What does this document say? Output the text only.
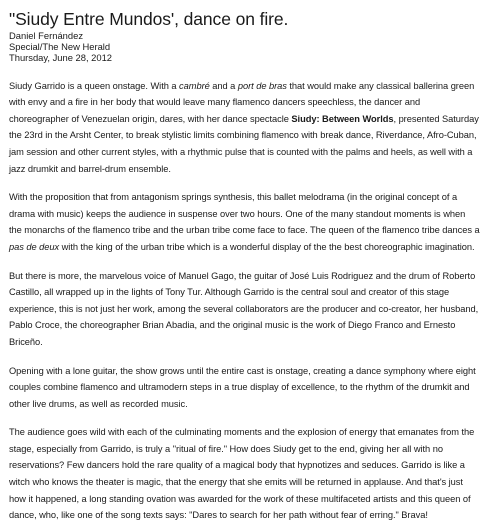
"Siudy Entre Mundos', dance on fire.
Daniel Fernández
Special/The New Herald
Thursday, June 28, 2012

Siudy Garrido is a queen onstage. With a cambré and a port de bras that would make any classical ballerina green with envy and a fire in her body that would leave many flamenco dancers speechless, the dancer and choreographer of Venezuelan origin, dares, with her dance spectacle Siudy: Between Worlds, presented Saturday the 23rd in the Arsht Center, to break stylistic limits combining flamenco with break dance, Riverdance, Afro-Cuban, jam session and other current styles, with a rhythmic pulse that is counted with the palms and heels, as well with a jazz drumkit and barrel-drum ensemble.

With the proposition that from antagonism springs synthesis, this ballet melodrama (in the original concept of a drama with music) keeps the audience in suspense over two hours. One of the many standout moments is when the monarchs of the flamenco tribe and the urban tribe come face to face. The queen of the flamenco tribe dances a pas de deux with the king of the urban tribe which is a wonderful display of the the best choreographic imagination.

But there is more, the marvelous voice of Manuel Gago, the guitar of José Luis Rodriguez and the drum of Roberto Castillo, all wrapped up in the lights of Tony Tur. Although Garrido is the central soul and creator of this stage experience, this is not just her work, among the several collaborators are the producer and co-creator, her husband, Pablo Croce, the choreographer Brian Abadia, and the original music is the work of Diego Franco and Ernesto Briceño.

Opening with a lone guitar, the show grows until the entire cast is onstage, creating a dance symphony where eight couples combine flamenco and ultramodern steps in a true display of excellence, to the rhythm of the drumkit and other live drums, as well as recorded music.

The audience goes wild with each of the culminating moments and the explosion of energy that emanates from the stage, especially from Garrido, is truly a "ritual of fire." How does Siudy get to the end, giving her all with no reservations? Few dancers hold the rare quality of a magical body that hypnotizes and seduces. Garrido is like a witch who knows the theater is magic, that the energy that she emits will be returned in applause. And that's just how it happened, a long standing ovation was awarded for the work of these multifaceted artists and this queen of dance, who, like one of the song texts says: "Dares to search for her path without fear of erring." Brava!
